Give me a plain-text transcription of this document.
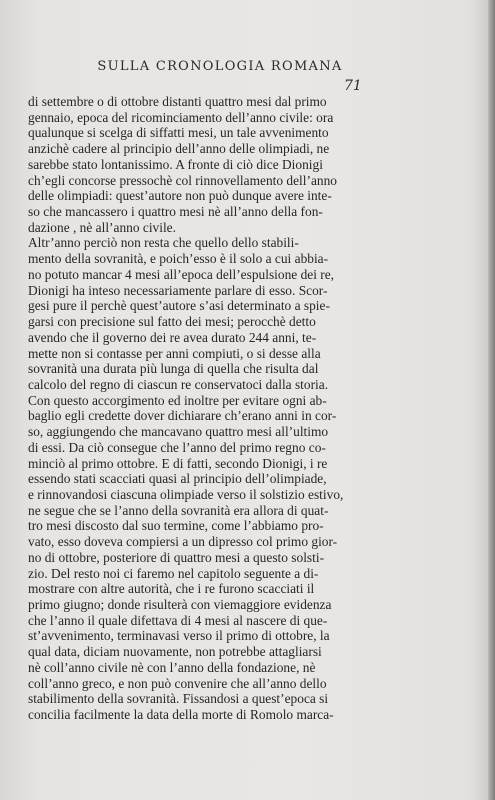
SULLA CRONOLOGIA ROMANA
71
di settembre o di ottobre distanti quattro mesi dal primo
gennaio, epoca del ricominciamento dell’anno civile: ora
qualunque si scelga di siffatti mesi, un tale avvenimento
anzichè caderе al principio dell’anno delle olimpiadi, ne
sarebbe stato lontanissimo. A fronte di ciò dice Dionigi
ch’egli concorse pressochè col rinnovellamento dell’anno
delle olimpiadi: quest’autore non può dunque avere inte-
so che mancassero i quattro mesi nè all’anno della fon-
dazione , nè all’anno civile.
Altr’anno perciò non resta che quello dello stabili-
mento della sovranità, e poich’esso è il solo a cui abbia-
no potuto mancar 4 mesi all’epoca dell’espulsione dei re,
Dionigi ha inteso necessariamente parlare di esso. Scor-
gesi pure il perchè quest’autore s’asi determinato a spie-
garsi con precisione sul fatto dei mesi; perocchè detto
avendo che il governo dei re avea durato 244 anni, te-
mette non si contasse per anni compiuti, o si desse alla
sovranità una durata più lunga di quella che risulta dal
calcolo del regno di ciascun re conservatoci dalla storia.
Con questo accorgimento ed inoltre per evitare ogni ab-
baglio egli credette dover dichiarare ch’erano anni in cor-
so, aggiungendo che mancavano quattro mesi all’ultimo
di essi. Da ciò consegue che l’anno del primo regno co-
minciò al primo ottobre. E di fatti, secondo Dionigi, i re
essendo stati scacciati quasi al principio dell’olimpiade,
e rinnovandosi ciascuna olimpiade verso il solstizio estivo,
ne segue che se l’anno della sovranità era allora di quat-
tro mesi discosto dal suo termine, come l’abbiamo pro-
vato, esso doveva compiersi a un dipresso col primo gior-
no di ottobre, posteriore di quattro mesi a questo solsti-
zio. Del resto noi ci faremo nel capitolo seguente a di-
mostrare con altre autorità, che i re furono scacciati il
primo giugno; donde risulterà con viemaggiore evidenza
che l’anno il quale difettava di 4 mesi al nascere di que-
st’avvenimento, terminavasi verso il primo di ottobre, la
qual data, diciam nuovamente, non potrebbe attagliarsi
nè coll’anno civile nè con l’anno della fondazione, nè
coll’anno greco, e non può convenire che all’anno dello
stabilimento della sovranità. Fissandosi a quest’epoca si
concilia facilmente la data della morte di Romolo marca-
